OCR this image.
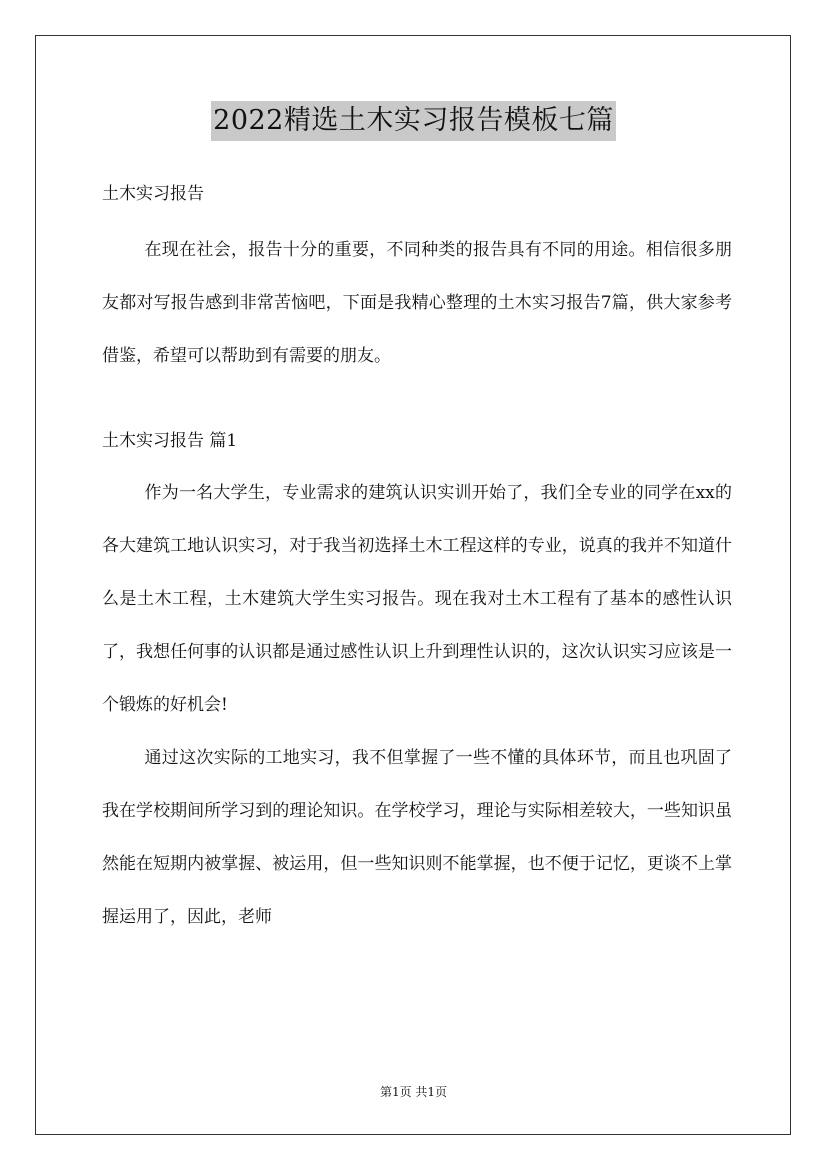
2022精选土木实习报告模板七篇

土木实习报告

在现在社会，报告十分的重要，不同种类的报告具有不同的用途。相信很多朋友都对写报告感到非常苦恼吧，下面是我精心整理的土木实习报告7篇，供大家参考借鉴，希望可以帮助到有需要的朋友。

土木实习报告 篇1

作为一名大学生，专业需求的建筑认识实训开始了，我们全专业的同学在xx的各大建筑工地认识实习，对于我当初选择土木工程这样的专业，说真的我并不知道什么是土木工程，土木建筑大学生实习报告。现在我对土木工程有了基本的感性认识了，我想任何事的认识都是通过感性认识上升到理性认识的，这次认识实习应该是一个锻炼的好机会!

通过这次实际的工地实习，我不但掌握了一些不懂的具体环节，而且也巩固了我在学校期间所学习到的理论知识。在学校学习，理论与实际相差较大，一些知识虽然能在短期内被掌握、被运用，但一些知识则不能掌握，也不便于记忆，更谈不上掌握运用了，因此，老师

第1页 共1页
